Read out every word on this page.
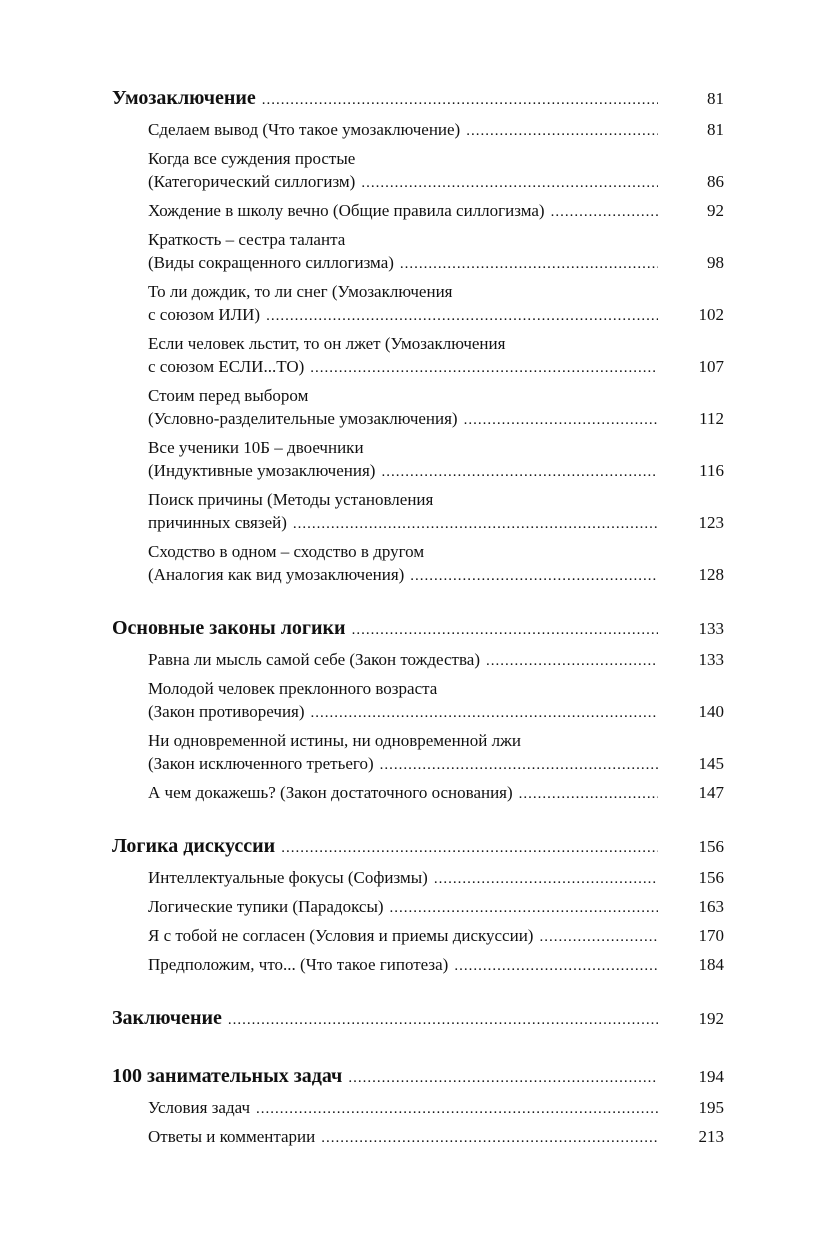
Умозаключение .....	81
Сделаем вывод (Что такое умозаключение) .....	81
Когда все суждения простые
(Категорический силлогизм) .....	86
Хождение в школу вечно (Общие правила силлогизма) .....	92
Краткость – сестра таланта
(Виды сокращенного силлогизма) .....	98
То ли дождик, то ли снег (Умозаключения
с союзом ИЛИ) .....	102
Если человек льстит, то он лжет (Умозаключения
с союзом ЕСЛИ...ТО) .....	107
Стоим перед выбором
(Условно-разделительные умозаключения) .....	112
Все ученики 10Б – двоечники
(Индуктивные умозаключения) .....	116
Поиск причины (Методы установления
причинных связей) .....	123
Сходство в одном – сходство в другом
(Аналогия как вид умозаключения) .....	128
Основные законы логики .....	133
Равна ли мысль самой себе (Закон тождества) .....	133
Молодой человек преклонного возраста
(Закон противоречия) .....	140
Ни одновременной истины, ни одновременной лжи
(Закон исключенного третьего) .....	145
А чем докажешь? (Закон достаточного основания) .....	147
Логика дискуссии .....	156
Интеллектуальные фокусы (Софизмы) .....	156
Логические тупики (Парадоксы) .....	163
Я с тобой не согласен (Условия и приемы дискуссии) .....	170
Предположим, что... (Что такое гипотеза) .....	184
Заключение .....	192
100 занимательных задач .....	194
Условия задач .....	195
Ответы и комментарии .....	213
